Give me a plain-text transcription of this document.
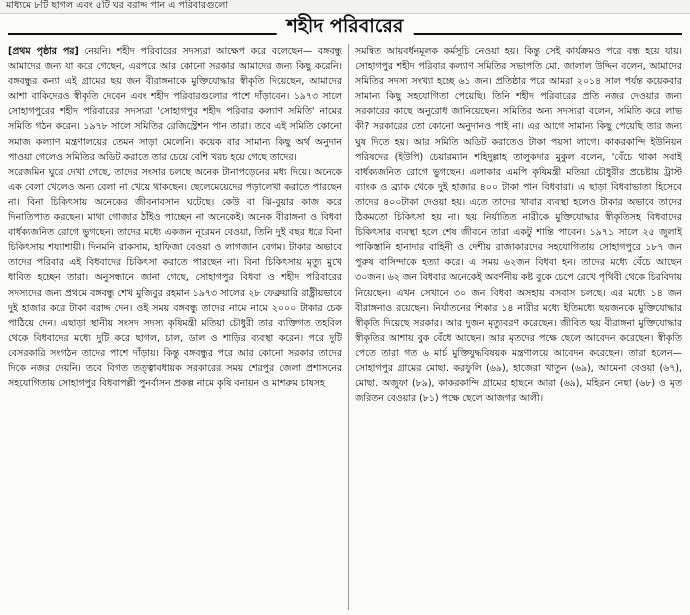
মাধ্যমে ৮টি ছাগল এবং ৫টি ঘর বরাদ্দ পান এ পরিবারগুলো
শহীদ পরিবারের

[প্রথম পৃষ্ঠার পর] নেয়নি। শহীদ পরিবারের সদস্যরা আক্ষেপ করে বলেছেন— বঙ্গবন্ধু আমাদের জন্য যা করে গেছেন, এরপরে আর কোনো সরকার আমাদের জন্য কিছু করেনি। বঙ্গবন্ধুর কন্যা এই গ্রামের ছয় জন বীরাঙ্গনাকে মুক্তিযোদ্ধার স্বীকৃতি দিয়েছেন, আমাদের আশা বাকিদেরও স্বীকৃতি দেবেন এবং শহীদ পরিবারগুলোর পাশে দাঁড়াবেন। ১৯৭৩ সালে সোহাগপুরের শহীদ পরিবারের সদস্যরা 'সোহাগপুর শহীদ পরিবার কল্যাণ সমিতি' নামের সমিতি গঠন করেন। ১৯৭৮ সালে সমিতির রেজিস্ট্রেশন পান তারা। তবে এই সমিতি কোনো সমাজ কল্যাণ মন্ত্রণালয়ের তেমন সাড়া মেলেনি। কয়েক বার সামান্য কিছু অর্থ অনুদান পাওয়া গেলেও সমিতির অডিট করাতে তার চেয়ে বেশি খরচ হয়ে গেছে তাদের।

সরেজমিন ঘুরে দেখা গেছে, তাদের সংসার চলছে অনেক টানাপড়েনের মধ্য দিয়ে। অনেকে এক বেলা খেলেও অন্য বেলা না খেয়ে থাকছেন। ছেলেমেয়েদের পড়ালেখা করাতে পারছেন না। বিনা চিকিৎসায় অনেকের জীবনাবসান ঘটেছে। কেউ বা ঝি-বুয়ার কাজ করে দিনাতিপাত করছেন। মাথা গোজার ঠাঁইও পাচ্ছেন না অনেকেই। অনেক বীরাঙ্গনা ও বিধবা বার্ধক্যজনিত রোগে ভুগছেন। তাদের মধ্যে একজন নূরেমন বেওয়া, তিনি দুই বছর ধরে বিনা চিকিৎসায় শয্যাশায়ী। দিনমনি রাকসাম, হাফিজা বেওয়া ও লাগজান বেগম। টাকার অভাবে তাদের পরিবার এই বিধবাদের চিকিৎসা করাতে পারছেন না। বিনা চিকিৎসায় মৃত্যু মুখে ধাবিত হচ্ছেন তারা। অনুসন্ধানে জানা গেছে, সোহাগপুর বিধবা ও শহীদ পরিবারের সদস্যদের জন্য প্রথমে বঙ্গবন্ধু শেখ মুজিবুর রহমান ১৯৭৩ সালের ২৮ ফেব্রুয়ারি রাষ্ট্রীয়ভাবে দুই হাজার করে টাকা বরাদ্দ দেন। ওই সময় বঙ্গবন্ধু তাদের নামে নামে ২০০০ টাকার চেক পাঠিয়ে দেন। এছাড়া স্থানীয় সংসদ সদস্য কৃষিমন্ত্রী মতিয়া চৌধুরী তার ব্যক্তিগত তহবিল থেকে বিধবাদের মধ্যে দুটি করে ছাগল, চাল, ডাল ও শাড়ির ব্যবস্থা করেন। পরে দুটি বেসরকারি সংগঠন তাদের পাশে দাঁড়ায়। কিন্তু বঙ্গবন্ধুর পরে আর কোনো সরকার তাদের দিকে নজর দেয়নি। তবে বিগত তত্ত্বাবধায়ক সরকারের সময় শেরপুর জেলা প্রশাসনের সহযোগিতায় সোহাগপুর বিধবাপল্লী পুনর্বাসন প্রকল্প নামে কৃষি বনায়ন ও মাশরুম চাষসহ

সমন্বিত আয়বর্ধনমূলক কর্মসূচি নেওয়া হয়। কিন্তু সেই কার্যক্রমও পরে বন্ধ হয়ে যায়। সোহাগপুর শহীদ পরিবার কল্যাণ সমিতির সভাপতি মো. জালাল উদ্দিন বলেন, আমাদের সমিতির সদস্য সংখ্যা হচ্ছে ৬১ জন। প্রতিষ্ঠার পরে আমরা ২০১৪ সাল পর্যন্ত কয়েকবার সামান্য কিছু সহযোগিতা পেয়েছি। তিনি শহীদ পরিবারের প্রতি নজর দেওয়ার জন্য সরকারের কাছে অনুরোধ জানিয়েছেন। সমিতির অন্য সদস্যরা বলেন, সমিতি করে লাভ কী? সরকারের তো কোনো অনুদানও পাই না। এর আগে সামান্য কিছু পেয়েছি তার জন্য ঘুষ দিতে হয়। আর সমিতি অডিট করাতেও টাকা পয়সা লাগে। কাকরকান্দি ইউনিয়ন পরিষদের (ইউপি) চেয়ারম্যান শহিদুল্লাহ তালুকদার মুকুল বলেন, 'বেঁচে থাকা সবাই বার্ধক্যজনিত রোগে ভুগছেন। এলাকার এমপি কৃষিমন্ত্রী মতিয়া চৌধুরীর প্রচেষ্টায় ট্রাস্ট ব্যাংক ও ব্র্যাক থেকে দুই হাজার ৪০০ টাকা পান বিধবারা। এ ছাড়া বিধবাভাতা হিসেবে তাদের ৪০০টাকা দেওয়া হয়। এতে তাদের খাবার ব্যবস্থা হলেও টাকার অভাবে তাদের ঠিকমতো চিকিৎসা হয় না। ছয় নির্যাতিত নারীকে মুক্তিযোদ্ধার স্বীকৃতিসহ বিধবাদের চিকিৎসার ব্যবস্থা হলে শেষ জীবনে তারা একটু শান্তি পাবেন। ১৯৭১ সালে ২৫ জুলাই পাকিস্তানি হানাদার বাহিনী ও দেশীয় রাজাকারদের সহযোগিতায় সোহাগপুরে ১৮৭ জন পুরুষ বাসিন্দাকে হত্যা করে। এ সময় ৬২জন বিধবা হন। তাদের মধ্যে বেঁচে আছেন ৩০জন। ৬২ জন বিধবার অনেকেই অবর্ণনীয় কষ্ট বুকে চেপে রেখে পৃথিবী থেকে চিরবিদায় নিয়েছেন। এখন সেখানে ৩০ জন বিধবা অসহায় বসবাস চলছে। এর মধ্যে ১৪ জন বীরাঙ্গনাও রয়েছেন। নির্যাতনের শিকার ১৪ নারীর মধ্যে ইতিমধ্যে ছয়জনকে মুক্তিযোদ্ধার স্বীকৃতি দিয়েছে সরকার। আর দুজন মৃত্যুবরণ করেছেন। জীবিত ছয় বীরাঙ্গনা মুক্তিযোদ্ধার স্বীকৃতির আশায় বুক বেঁধে আছেন। আর মৃতদের পক্ষে ছেলে আবেদন করেছেন। স্বীকৃতি পেতে তারা গত ৬ মার্চ মুক্তিযুদ্ধবিষয়ক মন্ত্রণালয়ে আবেদন করেছেন। তারা হলেন—সোহাগপুর গ্রামের মোছা. করফুলি (৬৯), হাজেরা খাতুন (৬৯), আমেনা বেওয়া (৬৭), মোছা. অজুফা (৮৯), কাকরকান্দি গ্রামের হাছনে আরা (৬৯), মহিরন নেছা (৬৮) ও মৃত জরিতন বেওয়ার (৮১) পক্ষে ছেলে আজগর আলী।
